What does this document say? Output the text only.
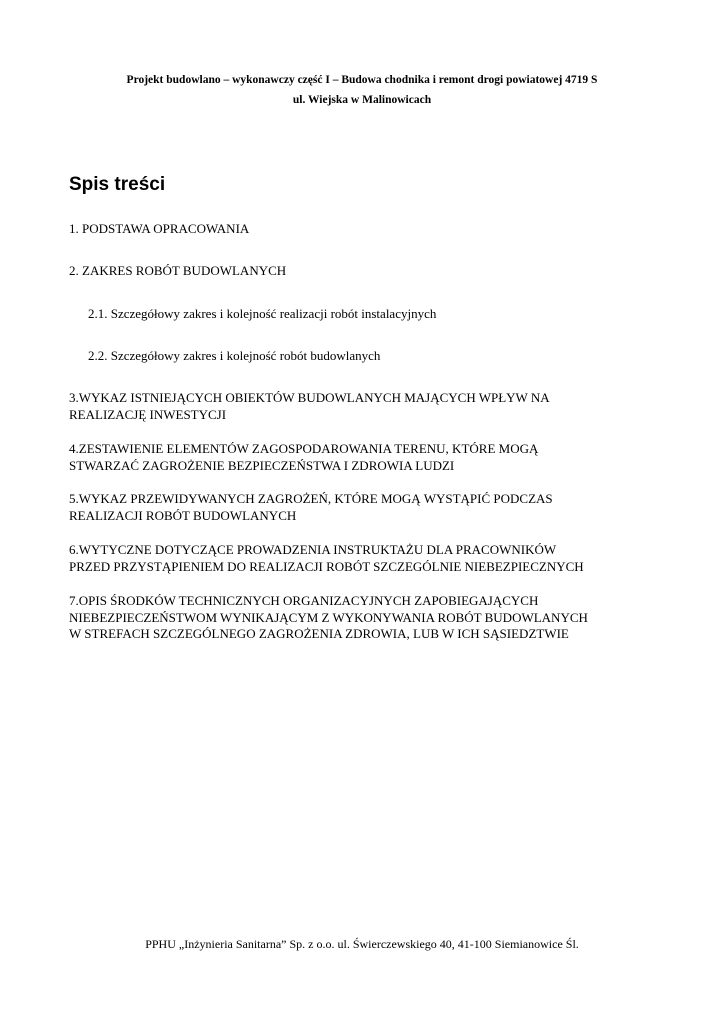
Projekt budowlano – wykonawczy część I – Budowa chodnika i remont drogi powiatowej 4719 S
ul. Wiejska w Malinowicach
Spis treści
1. PODSTAWA OPRACOWANIA
2. ZAKRES ROBÓT BUDOWLANYCH
2.1. Szczegółowy zakres i kolejność realizacji robót instalacyjnych
2.2. Szczegółowy zakres i kolejność robót budowlanych
3.WYKAZ ISTNIEJĄCYCH OBIEKTÓW BUDOWLANYCH MAJĄCYCH WPŁYW NA
REALIZACJĘ INWESTYCJI
4.ZESTAWIENIE ELEMENTÓW ZAGOSPODAROWANIA TERENU, KTÓRE MOGĄ
STWARZAĆ ZAGROŻENIE BEZPIECZEŃSTWA I ZDROWIA LUDZI
5.WYKAZ PRZEWIDYWANYCH ZAGROŻEŃ, KTÓRE MOGĄ WYSTĄPIĆ PODCZAS
REALIZACJI ROBÓT BUDOWLANYCH
6.WYTYCZNE DOTYCZĄCE PROWADZENIA INSTRUKTAŻU DLA PRACOWNIKÓW
PRZED PRZYSTĄPIENIEM DO REALIZACJI ROBÓT SZCZEGÓLNIE NIEBEZPIECZNYCH
7.OPIS ŚRODKÓW TECHNICZNYCH ORGANIZACYJNYCH ZAPOBIEGAJĄCYCH
NIEBEZPIECZEŃSTWOM WYNIKAJĄCYM Z WYKONYWANIA ROBÓT BUDOWLANYCH
W STREFACH SZCZEGÓLNEGO ZAGROŻENIA ZDROWIA, LUB W ICH SĄSIEDZTWIE
PPHU „Inżynieria Sanitarna” Sp. z o.o. ul. Świerczewskiego 40, 41-100 Siemianowice Śl.
